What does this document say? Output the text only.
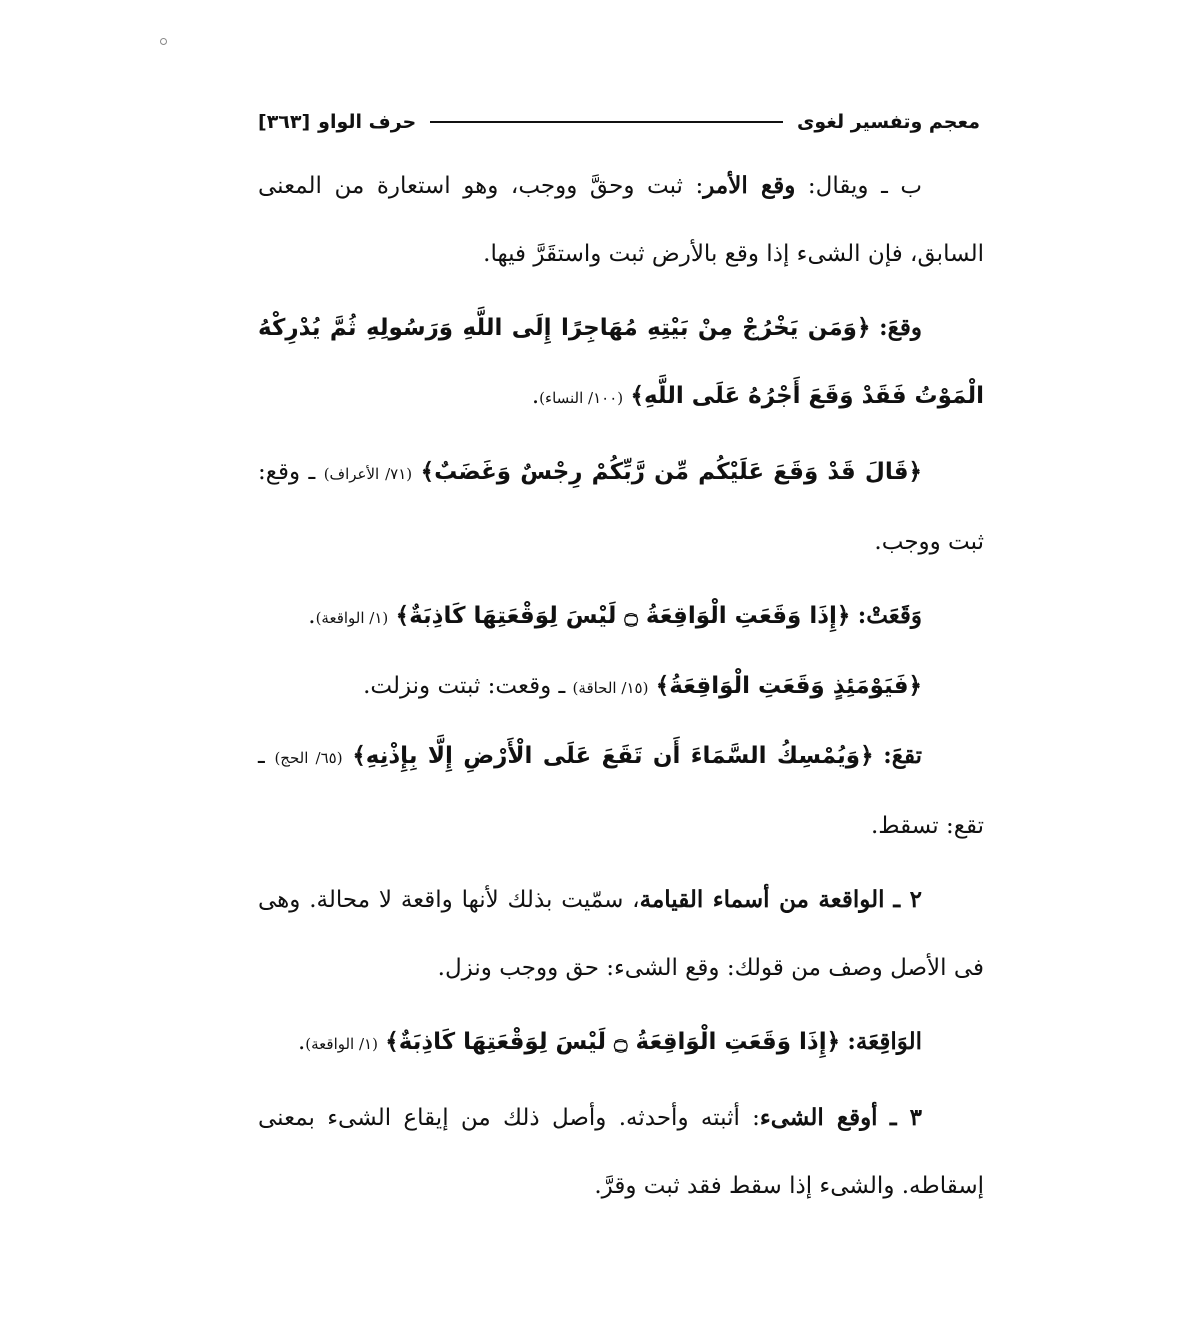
معجم وتفسير لغوى
حرف الواو
[٣٦٣]

ب ـ ويقال: وقع الأمر: ثبت وحقَّ ووجب، وهو استعارة من المعنى السابق، فإن الشىء إذا وقع بالأرض ثبت واستقَرَّ فيها.

وقعَ: ﴿وَمَن يَخْرُجْ مِنْ بَيْتِهِ مُهَاجِرًا إِلَى اللَّهِ وَرَسُولِهِ ثُمَّ يُدْرِكْهُ الْمَوْتُ فَقَدْ وَقَعَ أَجْرُهُ عَلَى اللَّهِ﴾ (١٠٠/ النساء).

﴿قَالَ قَدْ وَقَعَ عَلَيْكُم مِّن رَّبِّكُمْ رِجْسٌ وَغَضَبٌ﴾ (٧١/ الأعراف) ـ وقع: ثبت ووجب.

وَقَعَتْ: ﴿إِذَا وَقَعَتِ الْوَاقِعَةُ ۝ لَيْسَ لِوَقْعَتِهَا كَاذِبَةٌ﴾ (١/ الواقعة).

﴿فَيَوْمَئِذٍ وَقَعَتِ الْوَاقِعَةُ﴾ (١٥/ الحاقة) ـ وقعت: ثبتت ونزلت.

تقعَ: ﴿وَيُمْسِكُ السَّمَاءَ أَن تَقَعَ عَلَى الْأَرْضِ إِلَّا بِإِذْنِهِ﴾ (٦٥/ الحج) ـ تقع: تسقط.

٢ ـ الواقعة من أسماء القيامة، سمّيت بذلك لأنها واقعة لا محالة. وهى فى الأصل وصف من قولك: وقع الشىء: حق ووجب ونزل.

الوَاقِعَة: ﴿إِذَا وَقَعَتِ الْوَاقِعَةُ ۝ لَيْسَ لِوَقْعَتِهَا كَاذِبَةٌ﴾ (١/ الواقعة).

٣ ـ أوقع الشىء: أثبته وأحدثه. وأصل ذلك من إيقاع الشىء بمعنى إسقاطه. والشىء إذا سقط فقد ثبت وقرَّ.
